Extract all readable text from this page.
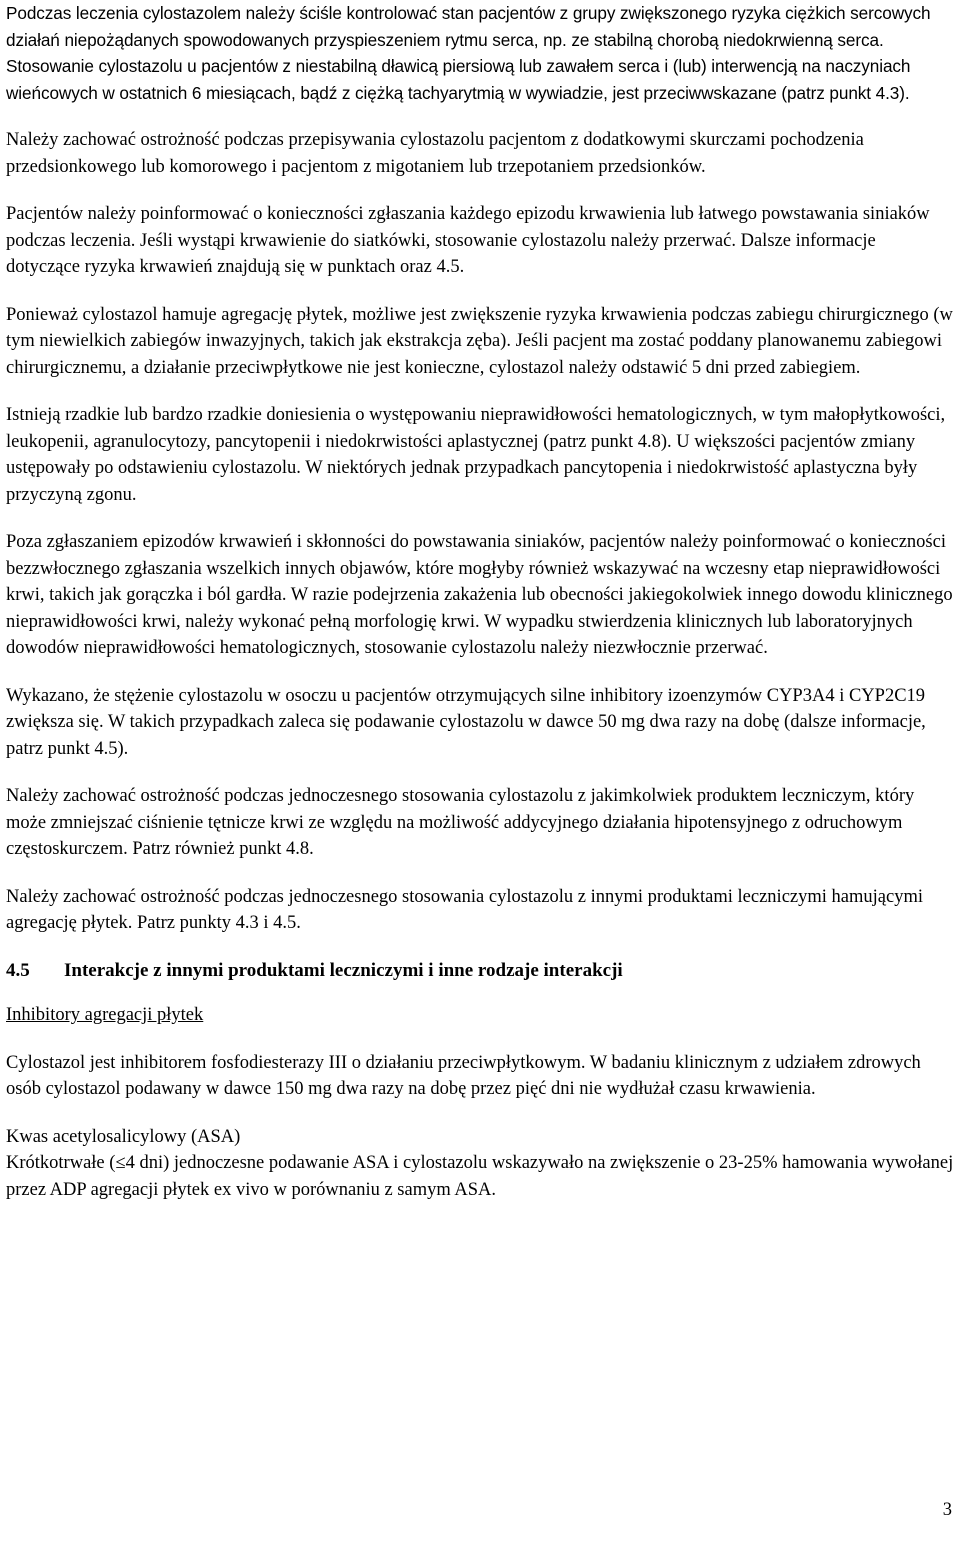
Podczas leczenia cylostazolem należy ściśle kontrolować stan pacjentów z grupy zwiększonego ryzyka ciężkich sercowych działań niepożądanych spowodowanych przyspieszeniem rytmu serca, np. ze stabilną chorobą niedokrwienną serca. Stosowanie cylostazolu u pacjentów z niestabilną dławicą piersiową lub zawałem serca i (lub) interwencją na naczyniach wieńcowych w ostatnich 6 miesiącach, bądź z ciężką tachyarytmią w wywiadzie, jest przeciwwskazane (patrz punkt 4.3).

Należy zachować ostrożność podczas przepisywania cylostazolu pacjentom z dodatkowymi skurczami pochodzenia przedsionkowego lub komorowego i pacjentom z migotaniem lub trzepotaniem przedsionków.

Pacjentów należy poinformować o konieczności zgłaszania każdego epizodu krwawienia lub łatwego powstawania siniaków podczas leczenia. Jeśli wystąpi krwawienie do siatkówki, stosowanie cylostazolu należy przerwać. Dalsze informacje dotyczące ryzyka krwawień znajdują się w punktach oraz 4.5.

Ponieważ cylostazol hamuje agregację płytek, możliwe jest zwiększenie ryzyka krwawienia podczas zabiegu chirurgicznego (w tym niewielkich zabiegów inwazyjnych, takich jak ekstrakcja zęba). Jeśli pacjent ma zostać poddany planowanemu zabiegowi chirurgicznemu, a działanie przeciwpłytkowe nie jest konieczne, cylostazol należy odstawić 5 dni przed zabiegiem.

Istnieją rzadkie lub bardzo rzadkie doniesienia o występowaniu nieprawidłowości hematologicznych, w tym małopłytkowości, leukopenii, agranulocytozy, pancytopenii i niedokrwistości aplastycznej (patrz punkt 4.8). U większości pacjentów zmiany ustępowały po odstawieniu cylostazolu. W niektórych jednak przypadkach pancytopenia i niedokrwistość aplastyczna były przyczyną zgonu.

Poza zgłaszaniem epizodów krwawień i skłonności do powstawania siniaków, pacjentów należy poinformować o konieczności bezzwłocznego zgłaszania wszelkich innych objawów, które mogłyby również wskazywać na wczesny etap nieprawidłowości krwi, takich jak gorączka i ból gardła. W razie podejrzenia zakażenia lub obecności jakiegokolwiek innego dowodu klinicznego nieprawidłowości krwi, należy wykonać pełną morfologię krwi. W wypadku stwierdzenia klinicznych lub laboratoryjnych dowodów nieprawidłowości hematologicznych, stosowanie cylostazolu należy niezwłocznie przerwać.

Wykazano, że stężenie cylostazolu w osoczu u pacjentów otrzymujących silne inhibitory izoenzymów CYP3A4 i CYP2C19 zwiększa się. W takich przypadkach zaleca się podawanie cylostazolu w dawce 50 mg dwa razy na dobę (dalsze informacje, patrz punkt 4.5).

Należy zachować ostrożność podczas jednoczesnego stosowania cylostazolu z jakimkolwiek produktem leczniczym, który może zmniejszać ciśnienie tętnicze krwi ze względu na możliwość addycyjnego działania hipotensyjnego z odruchowym częstoskurczem. Patrz również punkt 4.8.

Należy zachować ostrożność podczas jednoczesnego stosowania cylostazolu z innymi produktami leczniczymi hamującymi agregację płytek. Patrz punkty 4.3 i 4.5.

4.5	Interakcje z innymi produktami leczniczymi i inne rodzaje interakcji
Inhibitory agregacji płytek

Cylostazol jest inhibitorem fosfodiesterazy III o działaniu przeciwpłytkowym. W badaniu klinicznym z udziałem zdrowych osób cylostazol podawany w dawce 150 mg dwa razy na dobę przez pięć dni nie wydłużał czasu krwawienia.

Kwas acetylosalicylowy (ASA)

Krótkotrwałe (≤4 dni) jednoczesne podawanie ASA i cylostazolu wskazywało na zwiększenie o 23-25% hamowania wywołanej przez ADP agregacji płytek ex vivo w porównaniu z samym ASA.

3
